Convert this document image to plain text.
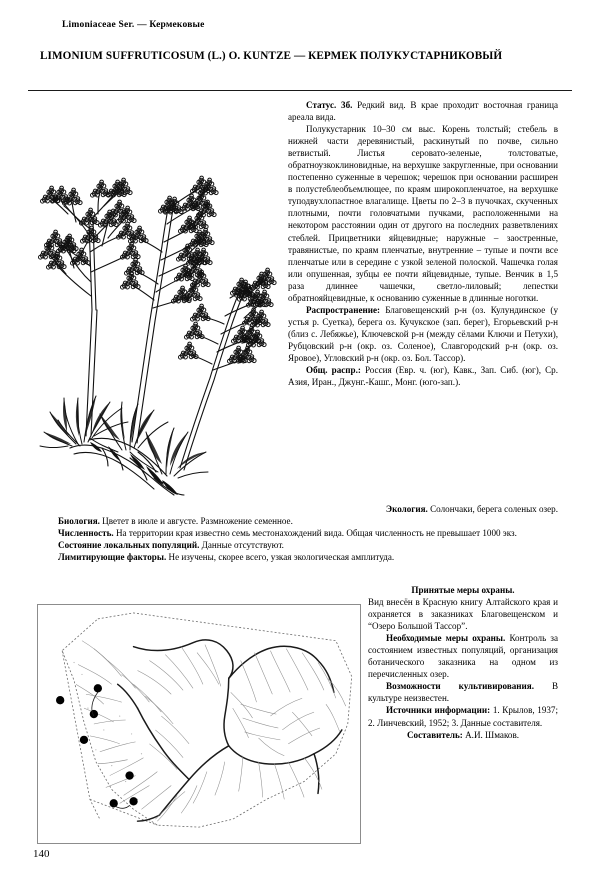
Limoniaceae Ser. — Кермековые
LIMONIUM SUFFRUTICOSUM (L.) O. KUNTZE — КЕРМЕК ПОЛУКУСТАРНИКОВЫЙ

Статус. 3б. Редкий вид. В крае проходит восточная граница ареала вида.

Полукустарник 10–30 см выс. Корень толстый; стебель в нижней части деревянистый, раскинутый по почве, сильно ветвистый. Листья серовато-зеленые, толстоватые, обратноузкоклиновидные, на верхушке закругленные, при основании постепенно суженные в черешок; черешок при основании расширен в полустеблеобъемлющее, по краям широкопленчатое, на верхушке туподвухлопастное влагалище. Цветы по 2–3 в пучочках, скученных плотными, почти головчатыми пучками, расположенными на некотором расстоянии один от другого на последних разветвлениях стеблей. Прицветники яйцевидные; наружные – заостренные, травянистые, по краям пленчатые, внутренние – тупые и почти все пленчатые или в середине с узкой зеленой полоской. Чашечка голая или опушенная, зубцы ее почти яйцевидные, тупые. Венчик в 1,5 раза длиннее чашечки, светло-лиловый; лепестки обратнояйцевидные, к основанию суженные в длинные ноготки.

Распространение: Благовещенский р-н (оз. Кулундинское (у устья р. Суетка), берега оз. Кучукское (зап. берег), Егорьевский р-н (близ с. Лебяжье), Ключевской р-н (между сёлами Ключи и Петухи), Рубцовский р-н (окр. оз. Соленое), Славгородский р-н (окр. оз. Яровое), Угловский р-н (окр. оз. Бол. Тассор).

Общ. распр.: Россия (Евр. ч. (юг), Кавк., Зап. Сиб. (юг), Ср. Азия, Иран., Джунг.-Кашг., Монг. (юго-зап.).

Экология. Солончаки, берега соленых озер.

Биология. Цветет в июле и августе. Размножение семенное.

Численность. На территории края известно семь местонахождений вида. Общая численность не превышает 1000 экз.

Состояние локальных популяций. Данные отсутствуют.

Лимитирующие факторы. Не изучены, скорее всего, узкая экологическая амплитуда.

Принятые меры охраны.

Вид внесён в Красную книгу Алтайского края и охраняется в заказниках Благовещенском и “Озеро Большой Тассор”.

Необходимые меры охраны. Контроль за состоянием известных популяций, организация ботанического заказника на одном из перечисленных озер.

Возможности культивирования. В культуре неизвестен.

Источники информации: 1. Крылов, 1937; 2. Линчевский, 1952; 3. Данные составителя.

Составитель: А.И. Шмаков.

140
